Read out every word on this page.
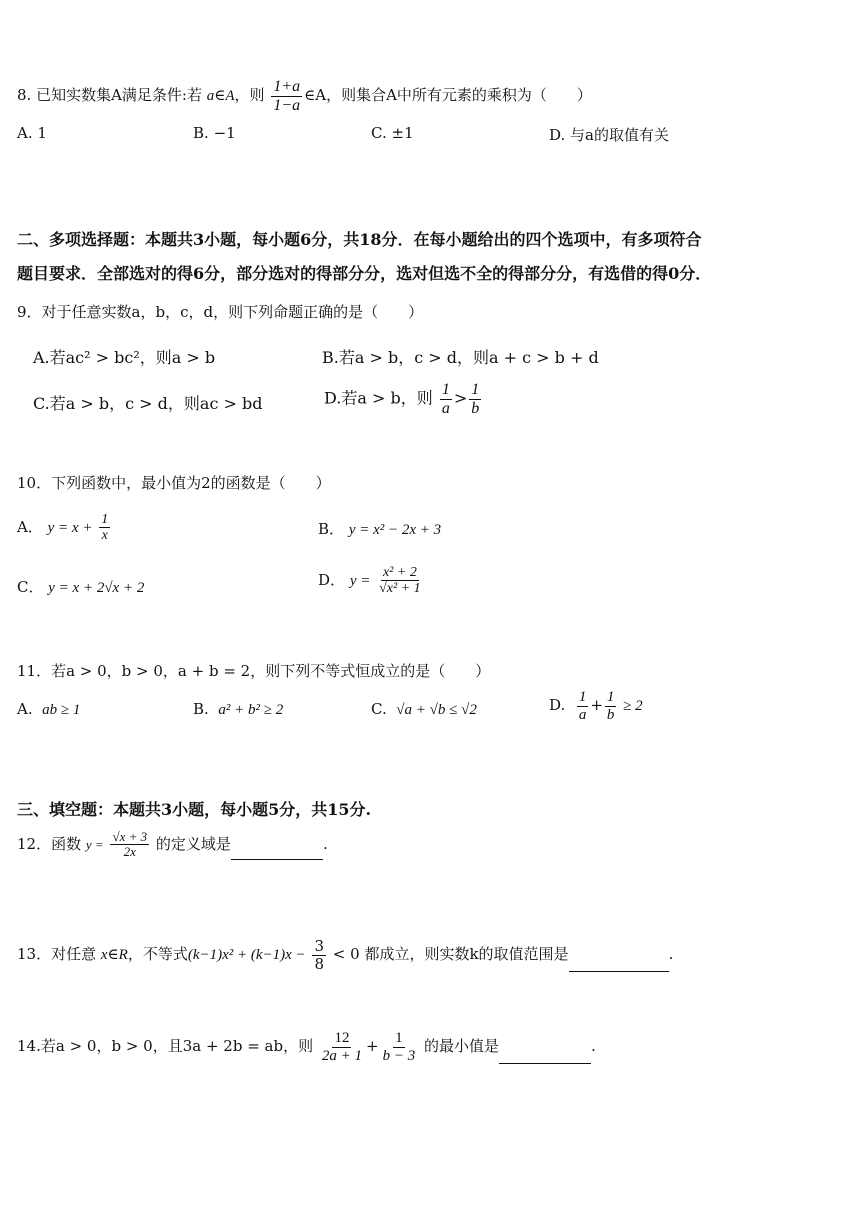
8. 已知实数集A满足条件:若 a∈A，则 $\frac{1+a}{1-a}$ ∈A，则集合A中所有元素的乘积为（　　）
A. 1	B. −1	C. ±1	D. 与a的取值有关
二、多项选择题：本题共3小题，每小题6分，共18分．在每小题给出的四个选项中，有多项符合
题目要求．全部选对的得6分，部分选对的得部分分，选对但选不全的得部分分，有选借的得0分．
9．对于任意实数a，b，c，d，则下列命题正确的是（　　）
A.若ac² > bc²，则a > b	B.若a > b，c > d，则a + c > b + d
C.若a > b，c > d，则ac > bd	D.若a > b，则 $\frac{1}{a} > \frac{1}{b}$
10．下列函数中，最小值为2的函数是（　　）
A． $y = x + \frac{1}{x}$	B． y = x² − 2x + 3
C． y = x + 2√x + 2	D． $y = \frac{\text{x² + 2}}{\text{√x² + 1}}$
11．若a > 0，b > 0，a + b = 2，则下列不等式恒成立的是（　　）
A. ab ≥ 1	B. a² + b² ≥ 2	C. √a + √b ≤ √2	D. $\frac{1}{a} + \frac{1}{b} \ge 2$
三、填空题：本题共3小题，每小题5分，共15分.
12．函数 $y = \frac{√x + 3}{2x}$ 的定义域是	.
13．对任意 x∈R，不等式$(k-1)x^2 + (k-1)x - \frac{3}{8} < 0$ 都成立，则实数k的取值范围是	.
14.若a > 0，b > 0，且3a + 2b = ab，则 $\frac{12}{2a + 1} + \frac{1}{b - 3}$ 的最小值是	.
